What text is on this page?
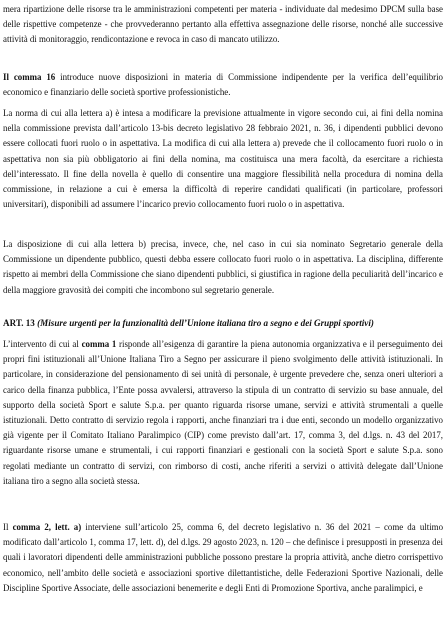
mera ripartizione delle risorse tra le amministrazioni competenti per materia - individuate dal medesimo DPCM sulla base delle rispettive competenze - che provvederanno pertanto alla effettiva assegnazione delle risorse, nonché alle successive attività di monitoraggio, rendicontazione e revoca in caso di mancato utilizzo.

Il comma 16 introduce nuove disposizioni in materia di Commissione indipendente per la verifica dell’equilibrio economico e finanziario delle società sportive professionistiche.

La norma di cui alla lettera a) è intesa a modificare la previsione attualmente in vigore secondo cui, ai fini della nomina nella commissione prevista dall’articolo 13-bis decreto legislativo 28 febbraio 2021, n. 36, i dipendenti pubblici devono essere collocati fuori ruolo o in aspettativa. La modifica di cui alla lettera a) prevede che il collocamento fuori ruolo o in aspettativa non sia più obbligatorio ai fini della nomina, ma costituisca una mera facoltà, da esercitare a richiesta dell’interessato. Il fine della novella è quello di consentire una maggiore flessibilità nella procedura di nomina della commissione, in relazione a cui è emersa la difficoltà di reperire candidati qualificati (in particolare, professori universitari), disponibili ad assumere l’incarico previo collocamento fuori ruolo o in aspettativa.

La disposizione di cui alla lettera b) precisa, invece, che, nel caso in cui sia nominato Segretario generale della Commissione un dipendente pubblico, questi debba essere collocato fuori ruolo o in aspettativa. La disciplina, differente rispetto ai membri della Commissione che siano dipendenti pubblici, si giustifica in ragione della peculiarità dell’incarico e della maggiore gravosità dei compiti che incombono sul segretario generale.

ART. 13 (Misure urgenti per la funzionalità dell’Unione italiana tiro a segno e dei Gruppi sportivi)

L’intervento di cui al comma 1 risponde all’esigenza di garantire la piena autonomia organizzativa e il perseguimento dei propri fini istituzionali all’Unione Italiana Tiro a Segno per assicurare il pieno svolgimento delle attività istituzionali. In particolare, in considerazione del pensionamento di sei unità di personale, è urgente prevedere che, senza oneri ulteriori a carico della finanza pubblica, l’Ente possa avvalersi, attraverso la stipula di un contratto di servizio su base annuale, del supporto della società Sport e salute S.p.a. per quanto riguarda risorse umane, servizi e attività strumentali a quelle istituzionali. Detto contratto di servizio regola i rapporti, anche finanziari tra i due enti, secondo un modello organizzativo già vigente per il Comitato Italiano Paralimpico (CIP) come previsto dall’art. 17, comma 3, del d.lgs. n. 43 del 2017, riguardante risorse umane e strumentali, i cui rapporti finanziari e gestionali con la società Sport e salute S.p.a. sono regolati mediante un contratto di servizi, con rimborso di costi, anche riferiti a servizi o attività delegate dall’Unione italiana tiro a segno alla società stessa.

Il comma 2, lett. a) interviene sull’articolo 25, comma 6, del decreto legislativo n. 36 del 2021 – come da ultimo modificato dall’articolo 1, comma 17, lett. d), del d.lgs. 29 agosto 2023, n. 120 – che definisce i presupposti in presenza dei quali i lavoratori dipendenti delle amministrazioni pubbliche possono prestare la propria attività, anche dietro corrispettivo economico, nell’ambito delle società e associazioni sportive dilettantistiche, delle Federazioni Sportive Nazionali, delle Discipline Sportive Associate, delle associazioni benemerite e degli Enti di Promozione Sportiva, anche paralimpici, e
